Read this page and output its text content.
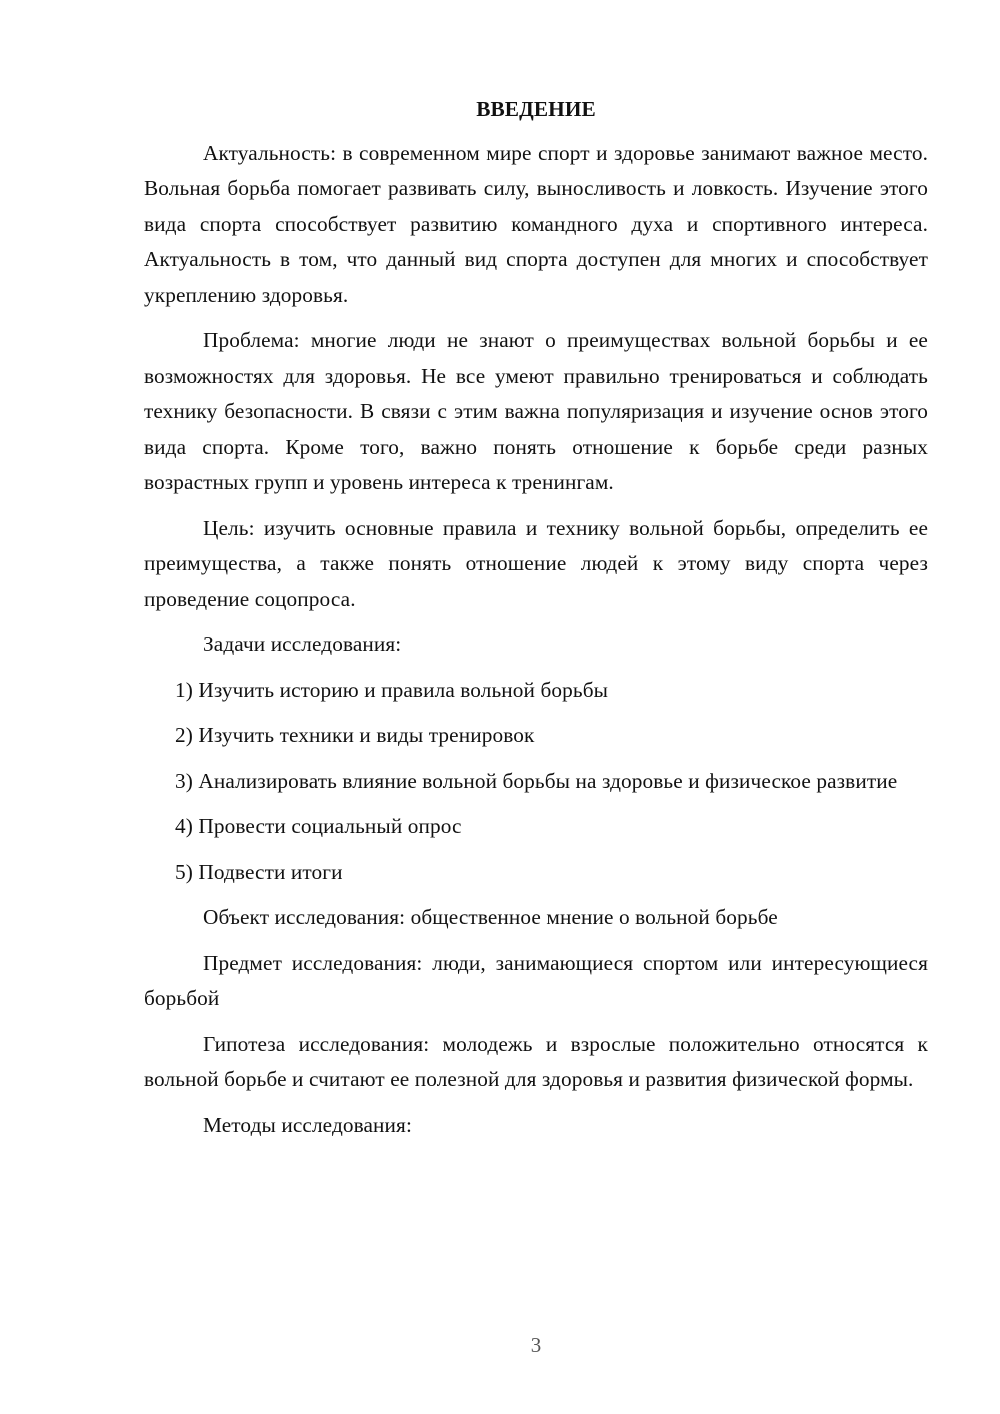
ВВЕДЕНИЕ

Актуальность: в современном мире спорт и здоровье занимают важное место. Вольная борьба помогает развивать силу, выносливость и ловкость. Изучение этого вида спорта способствует развитию командного духа и спортивного интереса. Актуальность в том, что данный вид спорта доступен для многих и способствует укреплению здоровья.

Проблема: многие люди не знают о преимуществах вольной борьбы и ее возможностях для здоровья. Не все умеют правильно тренироваться и соблюдать технику безопасности. В связи с этим важна популяризация и изучение основ этого вида спорта. Кроме того, важно понять отношение к борьбе среди разных возрастных групп и уровень интереса к тренингам.

Цель: изучить основные правила и технику вольной борьбы, определить ее преимущества, а также понять отношение людей к этому виду спорта через проведение соцопроса.

Задачи исследования:

1) Изучить историю и правила вольной борьбы

2) Изучить техники и виды тренировок

3) Анализировать влияние вольной борьбы на здоровье и физическое развитие

4) Провести социальный опрос

5) Подвести итоги

Объект исследования: общественное мнение о вольной борьбе

Предмет исследования: люди, занимающиеся спортом или интересующиеся борьбой

Гипотеза исследования: молодежь и взрослые положительно относятся к вольной борьбе и считают ее полезной для здоровья и развития физической формы.

Методы исследования:

3
